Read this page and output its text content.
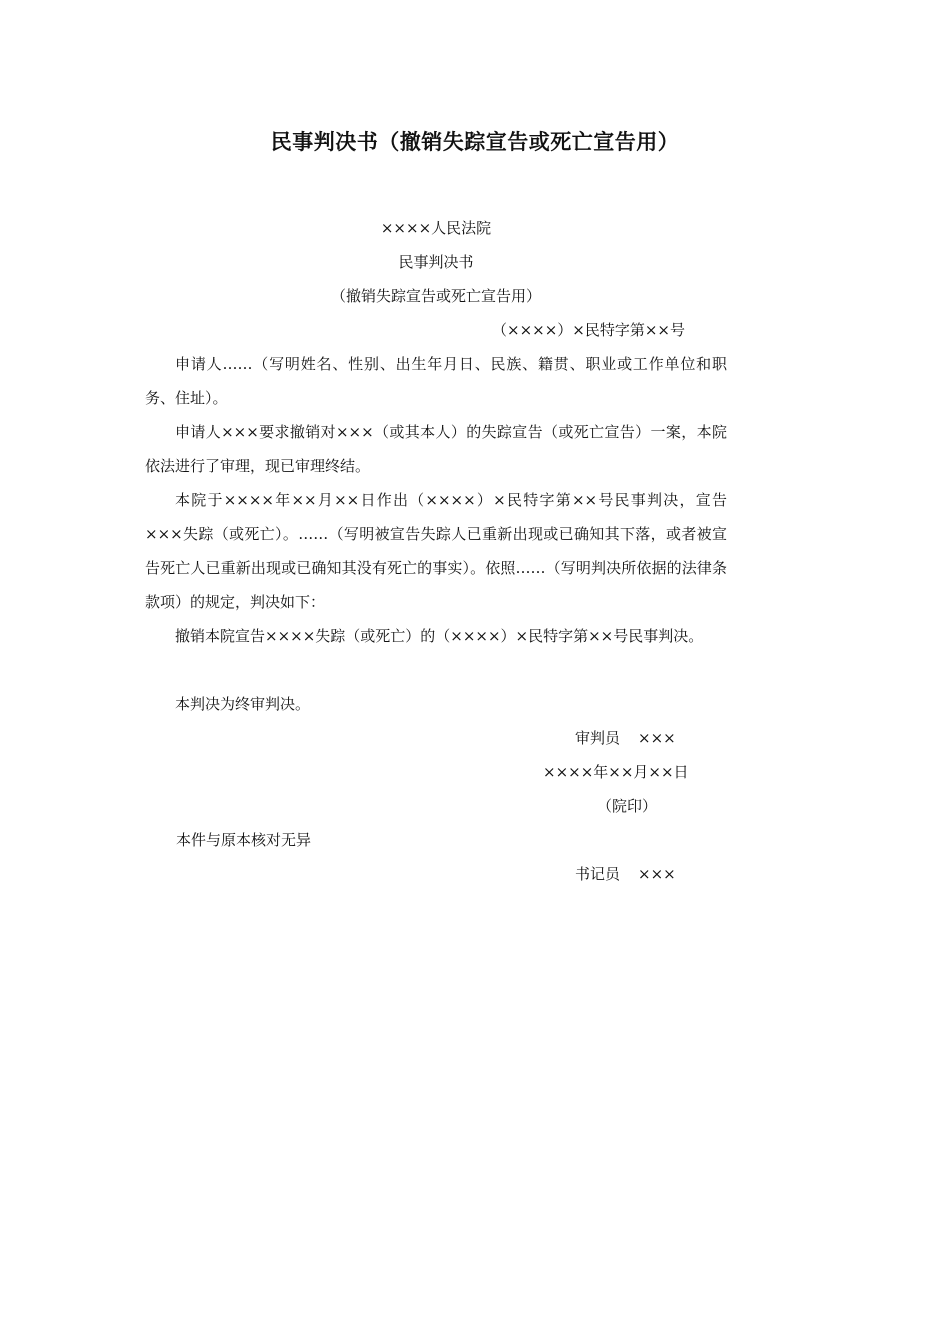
民事判决书（撤销失踪宣告或死亡宣告用）
××××人民法院
民事判决书
（撤销失踪宣告或死亡宣告用）
（××××）×民特字第××号

申请人……（写明姓名、性别、出生年月日、民族、籍贯、职业或工作单位和职务、住址）。

申请人×××要求撤销对×××（或其本人）的失踪宣告（或死亡宣告）一案，本院依法进行了审理，现已审理终结。

本院于××××年××月××日作出（××××）×民特字第××号民事判决，宣告×××失踪（或死亡）。……（写明被宣告失踪人已重新出现或已确知其下落，或者被宣告死亡人已重新出现或已确知其没有死亡的事实）。依照……（写明判决所依据的法律条款项）的规定，判决如下：

撤销本院宣告××××失踪（或死亡）的（××××）×民特字第××号民事判决。

本判决为终审判决。

审判员 ×××
××××年××月××日
（院印）
本件与原本核对无异
书记员 ×××
